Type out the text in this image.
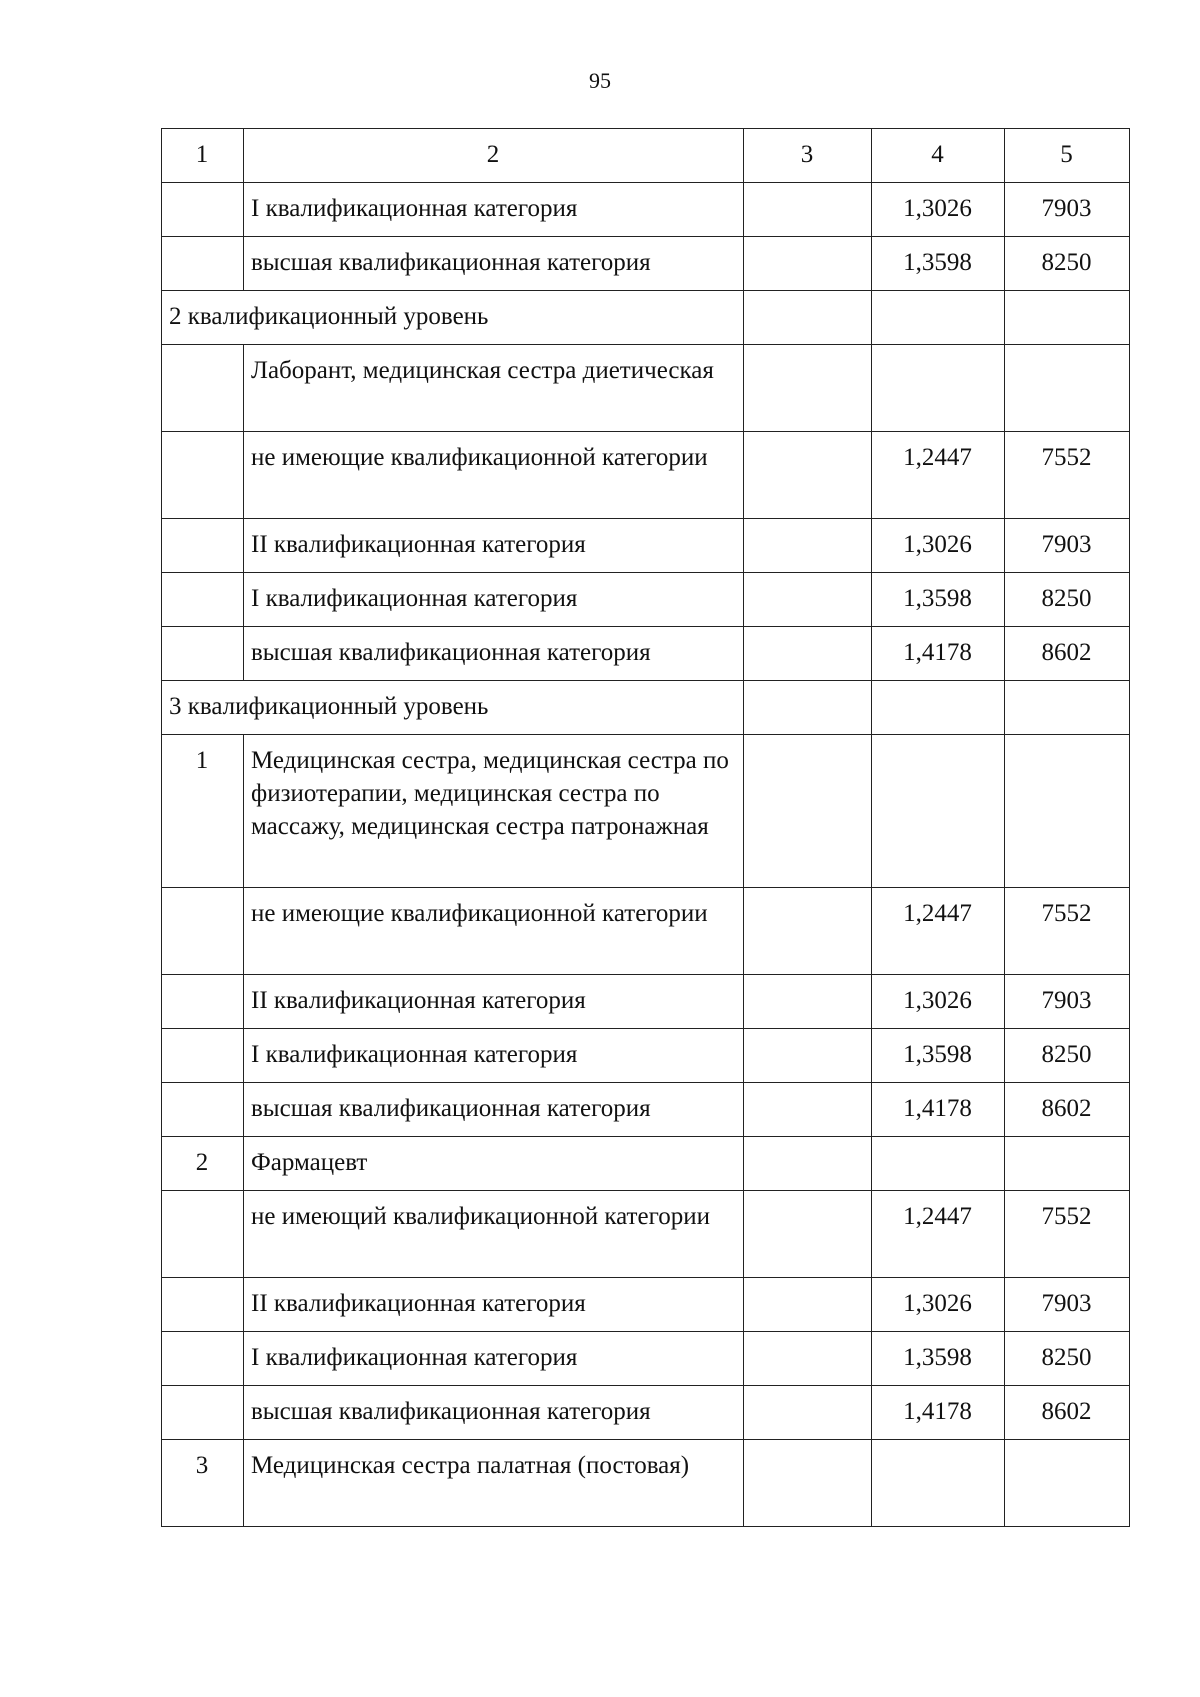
95
1	2	3	4	5
	I квалификационная категория		1,3026	7903
	высшая квалификационная категория		1,3598	8250
2 квалификационный уровень				
	Лаборант, медицинская сестра диетическая			
	не имеющие квалификационной категории		1,2447	7552
	II квалификационная категория		1,3026	7903
	I квалификационная категория		1,3598	8250
	высшая квалификационная категория		1,4178	8602
3 квалификационный уровень				
1	Медицинская сестра, медицинская сестра по физиотерапии, медицинская сестра по массажу, медицинская сестра патронажная			
	не имеющие квалификационной категории		1,2447	7552
	II квалификационная категория		1,3026	7903
	I квалификационная категория		1,3598	8250
	высшая квалификационная категория		1,4178	8602
2	Фармацевт			
	не имеющий квалификационной категории		1,2447	7552
	II квалификационная категория		1,3026	7903
	I квалификационная категория		1,3598	8250
	высшая квалификационная категория		1,4178	8602
3	Медицинская сестра палатная (постовая)			
